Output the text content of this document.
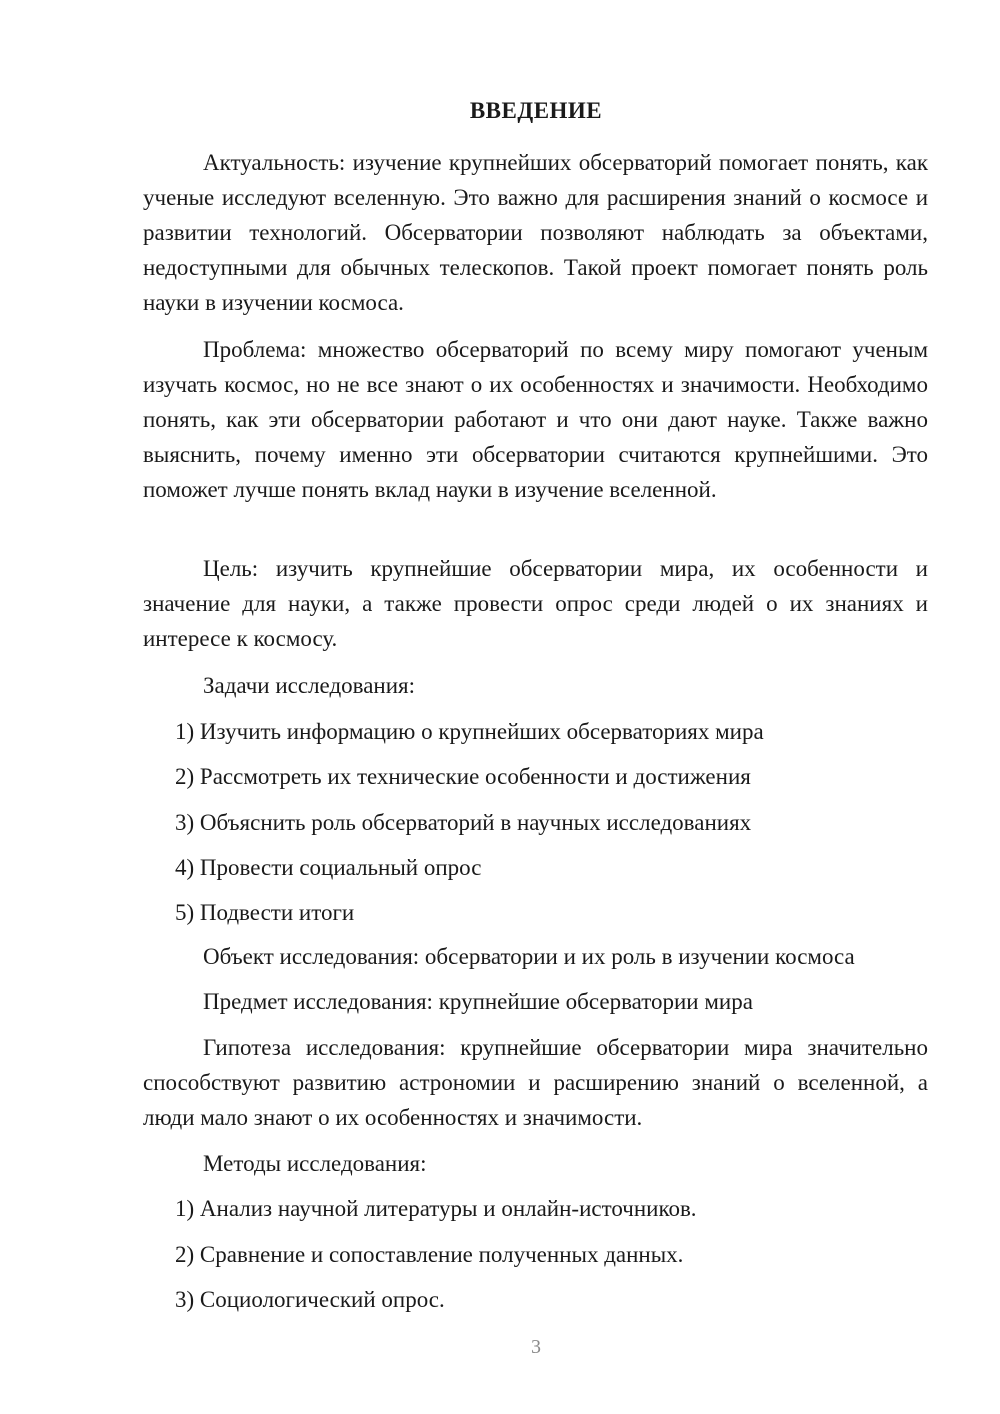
ВВЕДЕНИЕ

Актуальность: изучение крупнейших обсерваторий помогает понять, как ученые исследуют вселенную. Это важно для расширения знаний о космосе и развитии технологий. Обсерватории позволяют наблюдать за объектами, недоступными для обычных телескопов. Такой проект помогает понять роль науки в изучении космоса.

Проблема: множество обсерваторий по всему миру помогают ученым изучать космос, но не все знают о их особенностях и значимости. Необходимо понять, как эти обсерватории работают и что они дают науке. Также важно выяснить, почему именно эти обсерватории считаются крупнейшими. Это поможет лучше понять вклад науки в изучение вселенной.

Цель: изучить крупнейшие обсерватории мира, их особенности и значение для науки, а также провести опрос среди людей о их знаниях и интересе к космосу.

Задачи исследования:

1) Изучить информацию о крупнейших обсерваториях мира

2) Рассмотреть их технические особенности и достижения

3) Объяснить роль обсерваторий в научных исследованиях

4) Провести социальный опрос

5) Подвести итоги

Объект исследования: обсерватории и их роль в изучении космоса

Предмет исследования: крупнейшие обсерватории мира

Гипотеза исследования: крупнейшие обсерватории мира значительно способствуют развитию астрономии и расширению знаний о вселенной, а люди мало знают о их особенностях и значимости.

Методы исследования:

1) Анализ научной литературы и онлайн-источников.

2) Сравнение и сопоставление полученных данных.

3) Социологический опрос.

3
